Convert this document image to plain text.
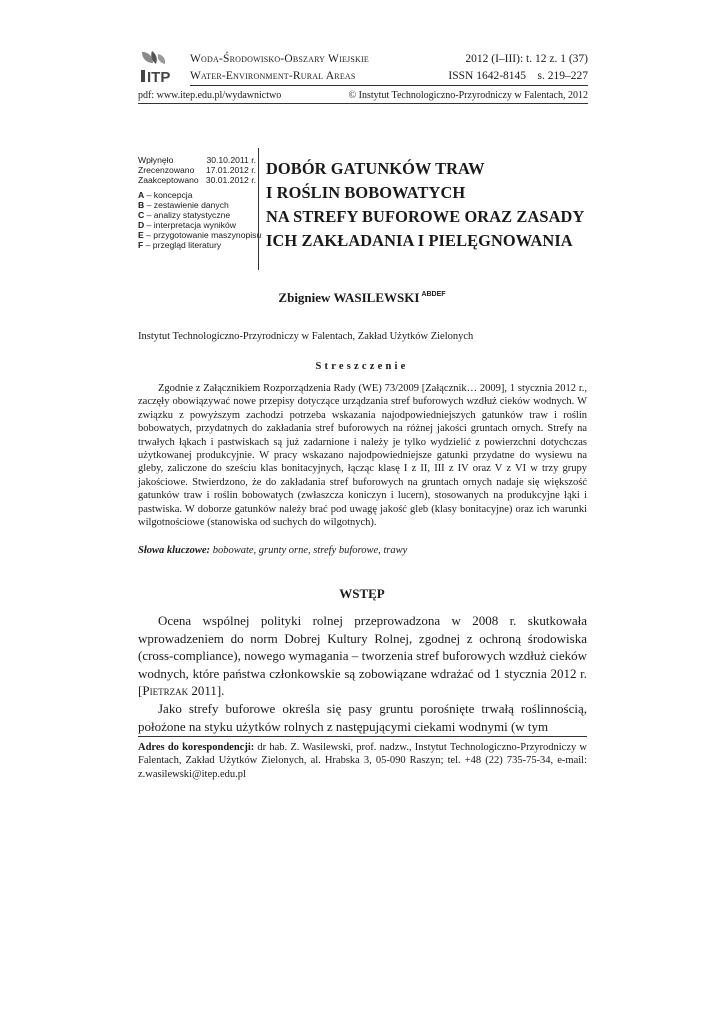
ITP
Woda-Środowisko-Obszary Wiejskie
Water-Environment-Rural Areas
2012 (I–III): t. 12 z. 1 (37)
ISSN 1642-8145    s. 219–227
pdf: www.itep.edu.pl/wydawnictwo	© Instytut Technologiczno-Przyrodniczy w Falentach, 2012
Wpłynęło	30.10.2011 r.
Zrecenzowano 17.01.2012 r.
Zaakceptowano 30.01.2012 r.
A – koncepcja
B – zestawienie danych
C – analizy statystyczne
D – interpretacja wyników
E – przygotowanie maszynopisu
F – przegląd literatury
DOBÓR GATUNKÓW TRAW
I ROŚLIN BOBOWATYCH
NA STREFY BUFOROWE ORAZ ZASADY
ICH ZAKŁADANIA I PIELĘGNOWANIA
Zbigniew WASILEWSKI $^{ABDEF}$
Instytut Technologiczno-Przyrodniczy w Falentach, Zakład Użytków Zielonych
Streszczenie

Zgodnie z Załącznikiem Rozporządzenia Rady (WE) 73/2009 [Załącznik… 2009], 1 stycznia 2012 r., zaczęły obowiązywać nowe przepisy dotyczące urządzania stref buforowych wzdłuż cieków wodnych. W związku z powyższym zachodzi potrzeba wskazania najodpowiedniejszych gatunków traw i roślin bobowatych, przydatnych do zakładania stref buforowych na różnej jakości gruntach ornych. Strefy na trwałych łąkach i pastwiskach są już zadarnione i należy je tylko wydzielić z powierzchni dotychczas użytkowanej produkcyjnie. W pracy wskazano najodpowiedniejsze gatunki przydatne do wysiewu na gleby, zaliczone do sześciu klas bonitacyjnych, łącząc klasę I z II, III z IV oraz V z VI w trzy grupy jakościowe. Stwierdzono, że do zakładania stref buforowych na gruntach ornych nadaje się większość gatunków traw i roślin bobowatych (zwłaszcza koniczyn i lucern), stosowanych na produkcyjne łąki i pastwiska. W doborze gatunków należy brać pod uwagę jakość gleb (klasy bonitacyjne) oraz ich warunki wilgotnościowe (stanowiska od suchych do wilgotnych).

Słowa kluczowe: bobowate, grunty orne, strefy buforowe, trawy
WSTĘP

Ocena wspólnej polityki rolnej przeprowadzona w 2008 r. skutkowała wprowadzeniem do norm Dobrej Kultury Rolnej, zgodnej z ochroną środowiska (cross-compliance), nowego wymagania – tworzenia stref buforowych wzdłuż cieków wodnych, które państwa członkowskie są zobowiązane wdrażać od 1 stycznia 2012 r. [Pietrzak 2011].

Jako strefy buforowe określa się pasy gruntu porośnięte trwałą roślinnością, położone na styku użytków rolnych z następującymi ciekami wodnymi (w tym

Adres do korespondencji: dr hab. Z. Wasilewski, prof. nadzw., Instytut Technologiczno-Przyrodniczy w Falentach, Zakład Użytków Zielonych, al. Hrabska 3, 05-090 Raszyn; tel. +48 (22) 735-75-34, e-mail: z.wasilewski@itep.edu.pl
